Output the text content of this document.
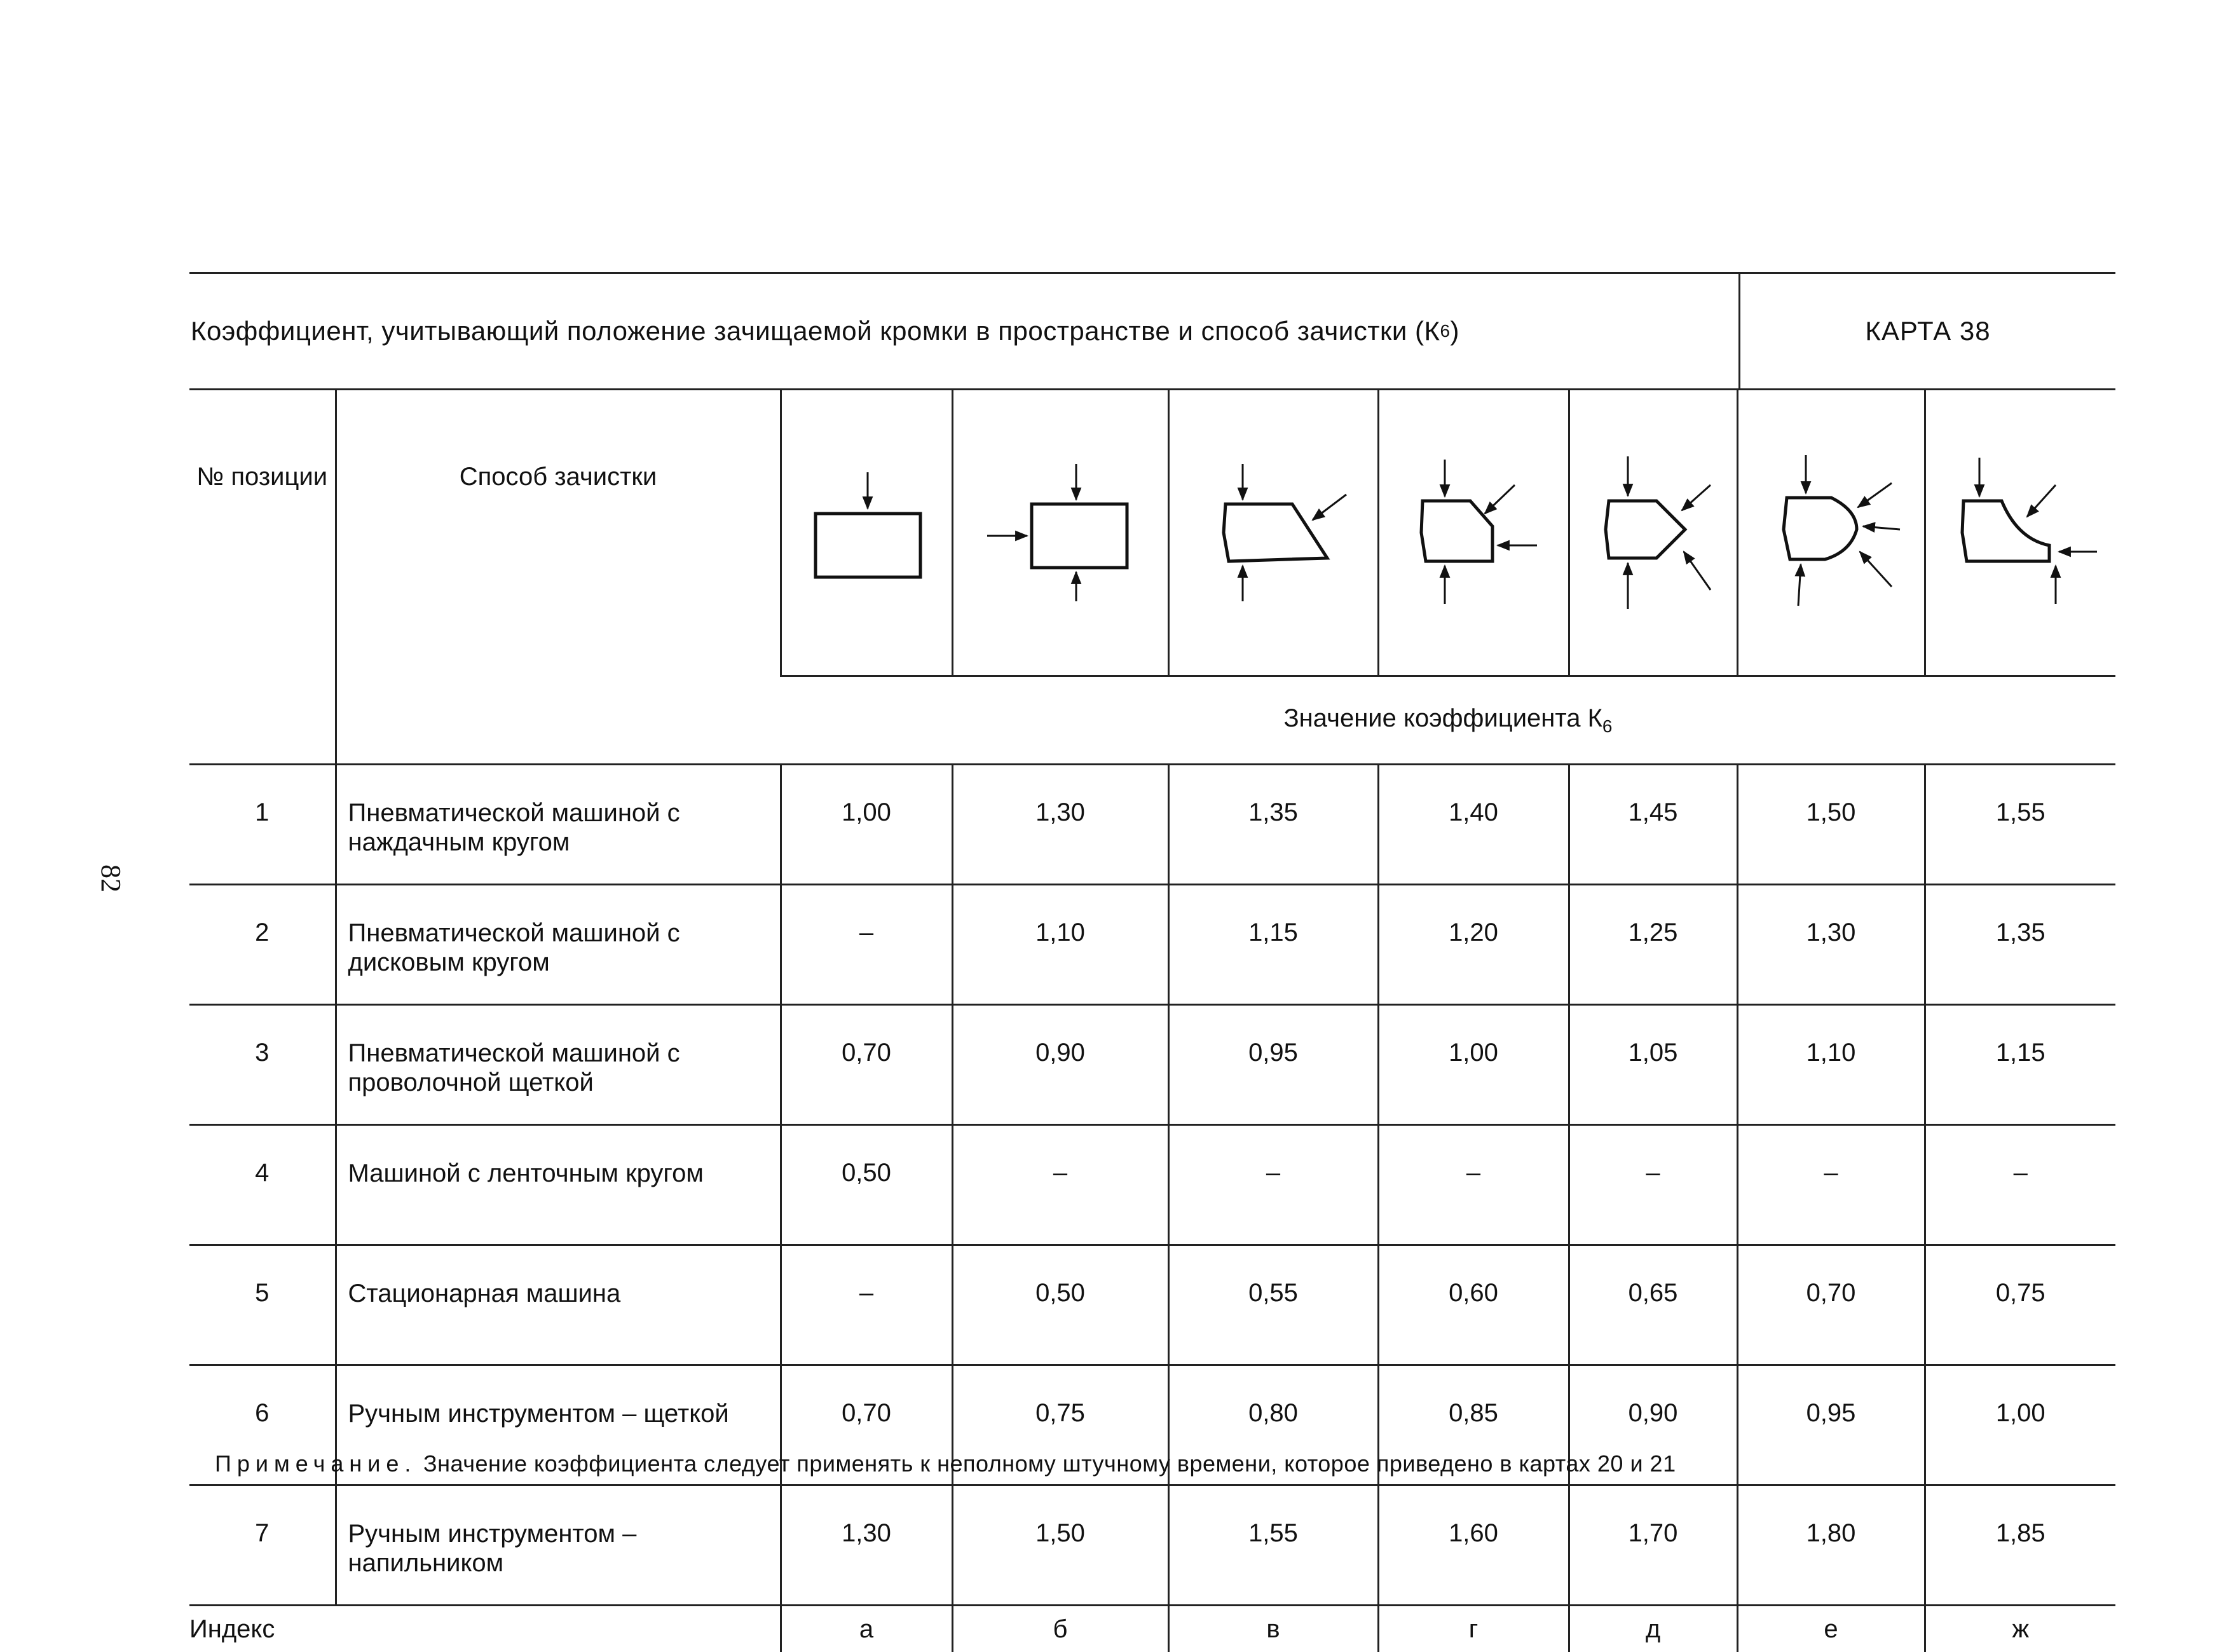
82
Коэффициент, учитывающий положение зачищаемой кромки в пространстве и способ зачистки (К 6 )	КАРТА 38
№ позиции	Способ зачистки	

		Значение коэффициента $К_6$
1	Пневматической машиной с наждачным кругом	1,00	1,30	1,35	1,40	1,45	1,50	1,55
2	Пневматической машиной с дисковым кругом	–	1,10	1,15	1,20	1,25	1,30	1,35
3	Пневматической машиной с проволочной щеткой	0,70	0,90	0,95	1,00	1,05	1,10	1,15
4	Машиной с ленточным кругом	0,50	–	–	–	–	–	–
5	Стационарная машина	–	0,50	0,55	0,60	0,65	0,70	0,75
6	Ручным инструментом – щеткой	0,70	0,75	0,80	0,85	0,90	0,95	1,00
7	Ручным инструментом – напильником	1,30	1,50	1,55	1,60	1,70	1,80	1,85
Индекс		а	б	в	г	д	е	ж
Примечание. Значение коэффициента следует применять к неполному штучному времени, которое приведено в картах 20 и 21
